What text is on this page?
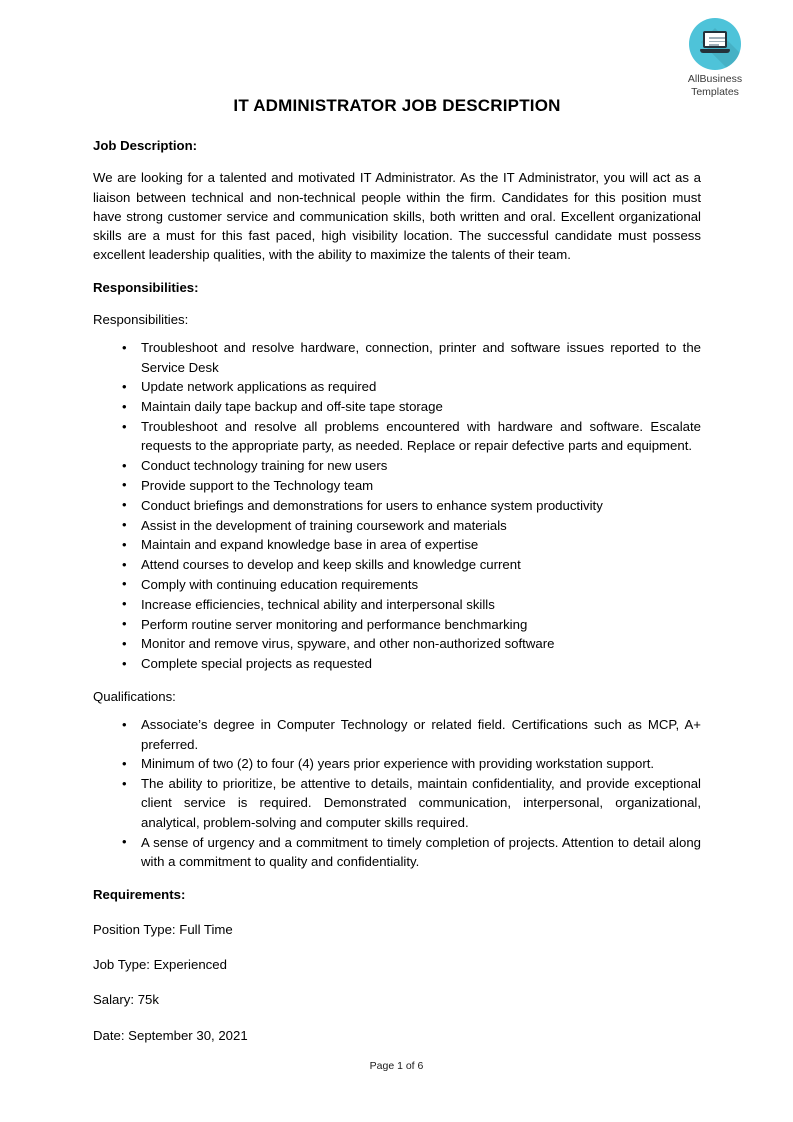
AllBusiness
Templates
IT ADMINISTRATOR JOB DESCRIPTION

Job Description:

We are looking for a talented and motivated IT Administrator. As the IT Administrator, you will act as a liaison between technical and non-technical people within the firm. Candidates for this position must have strong customer service and communication skills, both written and oral. Excellent organizational skills are a must for this fast paced, high visibility location. The successful candidate must possess excellent leadership qualities, with the ability to maximize the talents of their team.

Responsibilities:

Responsibilities:

• Troubleshoot and resolve hardware, connection, printer and software issues reported to the Service Desk
• Update network applications as required
• Maintain daily tape backup and off-site tape storage
• Troubleshoot and resolve all problems encountered with hardware and software. Escalate requests to the appropriate party, as needed. Replace or repair defective parts and equipment.
• Conduct technology training for new users
• Provide support to the Technology team
• Conduct briefings and demonstrations for users to enhance system productivity
• Assist in the development of training coursework and materials
• Maintain and expand knowledge base in area of expertise
• Attend courses to develop and keep skills and knowledge current
• Comply with continuing education requirements
• Increase efficiencies, technical ability and interpersonal skills
• Perform routine server monitoring and performance benchmarking
• Monitor and remove virus, spyware, and other non-authorized software
• Complete special projects as requested

Qualifications:

• Associate’s degree in Computer Technology or related field. Certifications such as MCP, A+ preferred.
• Minimum of two (2) to four (4) years prior experience with providing workstation support.
• The ability to prioritize, be attentive to details, maintain confidentiality, and provide exceptional client service is required. Demonstrated communication, interpersonal, organizational, analytical, problem-solving and computer skills required.
• A sense of urgency and a commitment to timely completion of projects. Attention to detail along with a commitment to quality and confidentiality.

Requirements:

Position Type: Full Time

Job Type: Experienced

Salary: 75k

Date: September 30, 2021

Page 1 of 6
